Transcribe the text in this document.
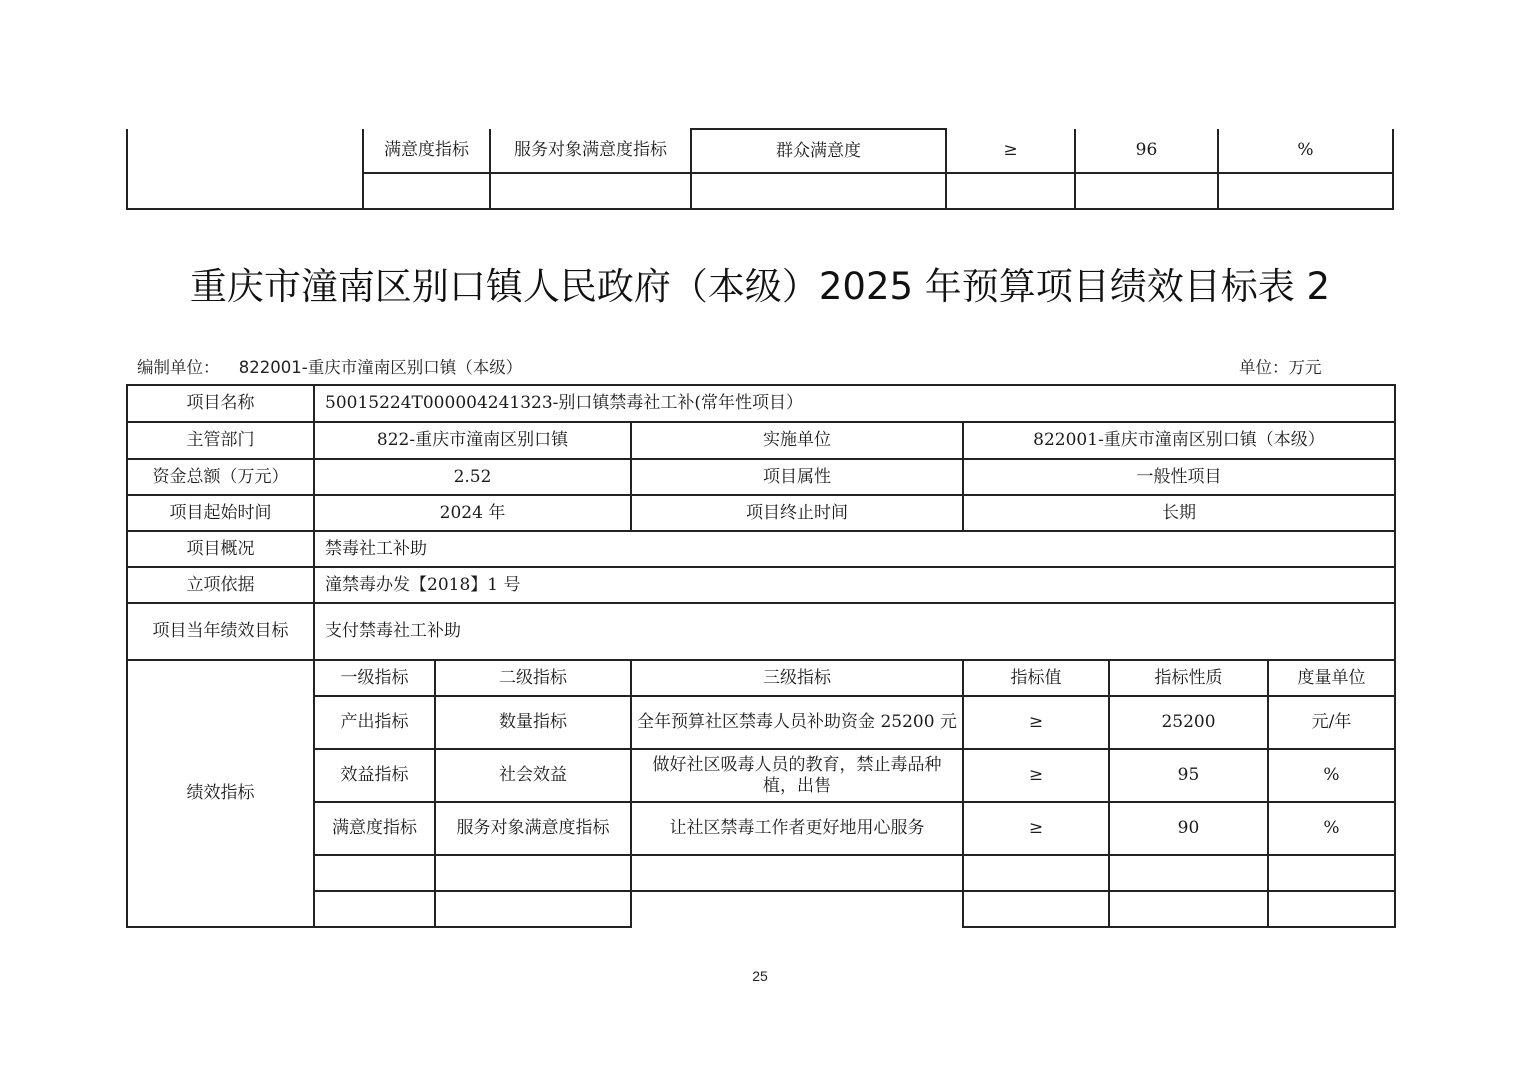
	满意度指标	服务对象满意度指标	群众满意度	≥	96	%

重庆市潼南区别口镇人民政府（本级）2025 年预算项目绩效目标表 2
编制单位： 822001-重庆市潼南区别口镇（本级）	单位：万元
项目名称	50015224T000004241323-别口镇禁毒社工补(常年性项目）					
主管部门	822-重庆市潼南区别口镇		实施单位	822001-重庆市潼南区别口镇（本级）		
资金总额（万元）	2.52		项目属性	一般性项目		
项目起始时间	2024 年		项目终止时间	长期		
项目概况	禁毒社工补助					
立项依据	潼禁毒办发【2018】1 号					
项目当年绩效目标	支付禁毒社工补助					
绩效指标	一级指标	二级指标	三级指标	指标值	指标性质	度量单位
	产出指标	数量指标	全年预算社区禁毒人员补助资金 25200 元	≥	25200	元/年
	效益指标	社会效益	做好社区吸毒人员的教育，禁止毒品种植，出售	≥	95	%
	满意度指标	服务对象满意度指标	让社区禁毒工作者更好地用心服务	≥	90	%

25
